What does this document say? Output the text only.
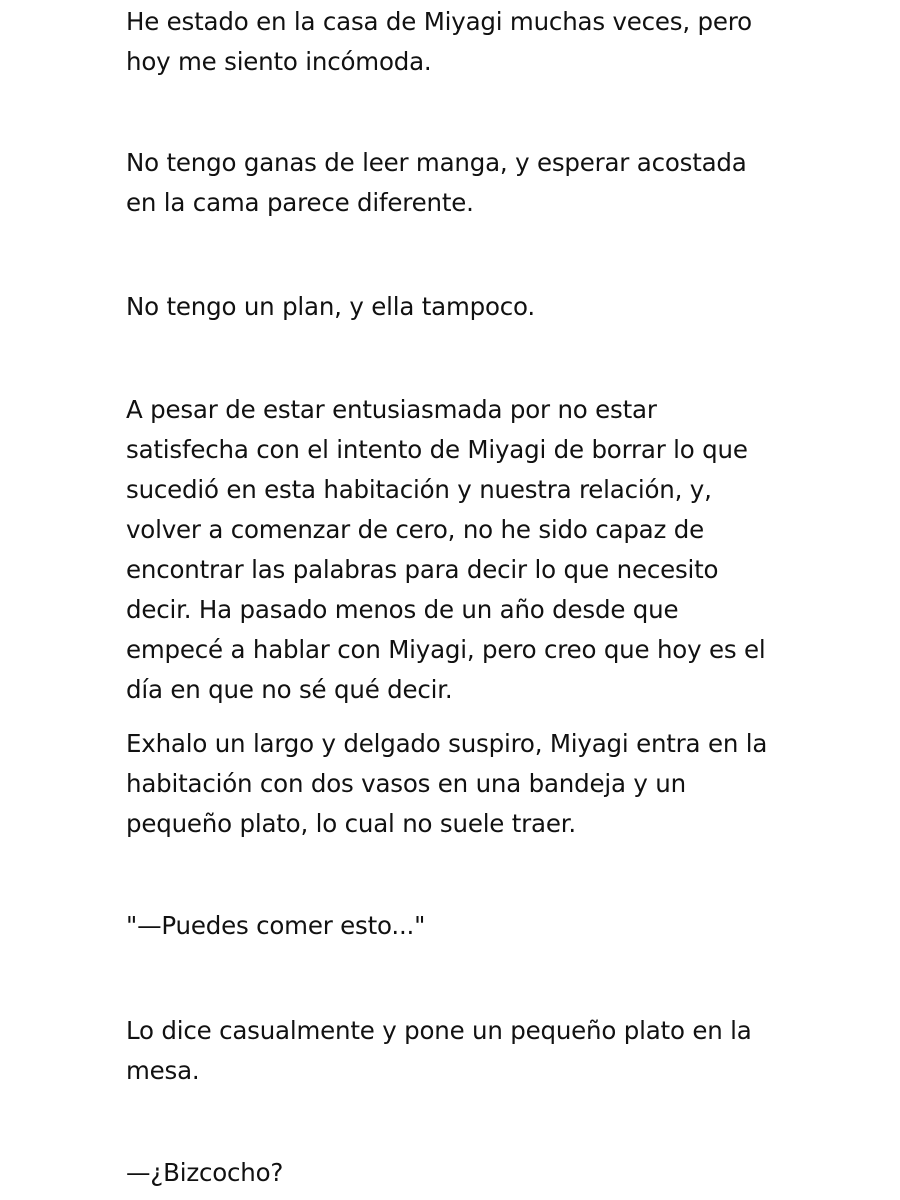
He estado en la casa de Miyagi muchas veces, pero hoy me siento incómoda.

No tengo ganas de leer manga, y esperar acostada en la cama parece diferente.

No tengo un plan, y ella tampoco.

A pesar de estar entusiasmada por no estar satisfecha con el intento de Miyagi de borrar lo que sucedió en esta habitación y nuestra relación, y, volver a comenzar de cero, no he sido capaz de encontrar las palabras para decir lo que necesito decir. Ha pasado menos de un año desde que empecé a hablar con Miyagi, pero creo que hoy es el día en que no sé qué decir.

Exhalo un largo y delgado suspiro, Miyagi entra en la habitación con dos vasos en una bandeja y un pequeño plato, lo cual no suele traer.

"—Puedes comer esto..."

Lo dice casualmente y pone un pequeño plato en la mesa.

—¿Bizcocho?
